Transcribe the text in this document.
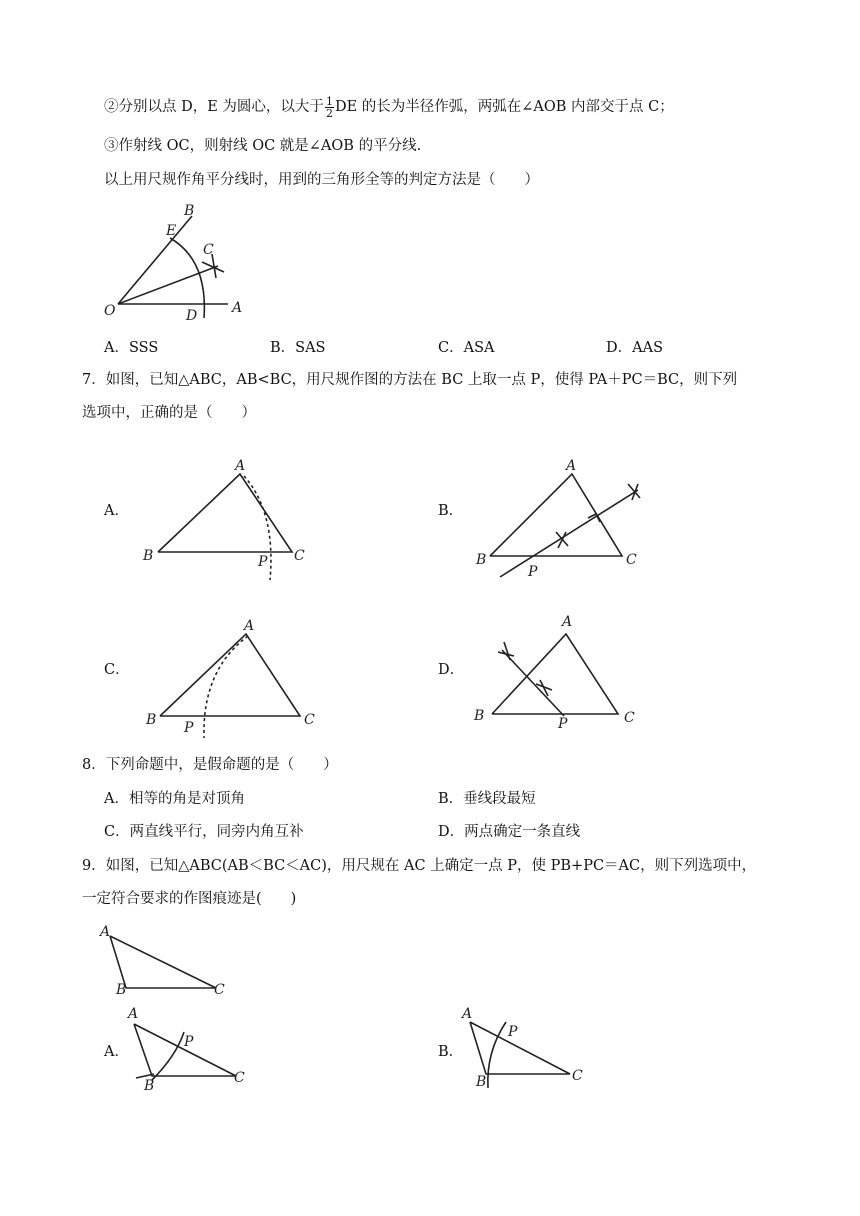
②分别以点 D，E 为圆心，以大于 $\frac{1}{2}$ DE 的长为半径作弧，两弧在∠AOB 内部交于点 C；
③作射线 OC，则射线 OC 就是∠AOB 的平分线.
以上用尺规作角平分线时，用到的三角形全等的判定方法是（　　）
B
E
C
O	D A
A．SSS	B．SAS	C．ASA	D．AAS
7．如图，已知△ABC，AB<BC，用尺规作图的方法在 BC 上取一点 P，使得 PA＋PC＝BC，则下列
选项中，正确的是（　　）
A．
A
B	C
P
B．
A
B	C
P
C．
A
B	C
P
D．
A
B	C
P
8．下列命题中，是假命题的是（　　）
A．相等的角是对顶角	B．垂线段最短
C．两直线平行，同旁内角互补	D．两点确定一条直线
9．如图，已知△ABC(AB＜BC＜AC)，用尺规在 AC 上确定一点 P，使 PB+PC＝AC，则下列选项中，
一定符合要求的作图痕迹是(　　)
A
B	C
A．
A
P
B	C
B．
A
P
B	C
